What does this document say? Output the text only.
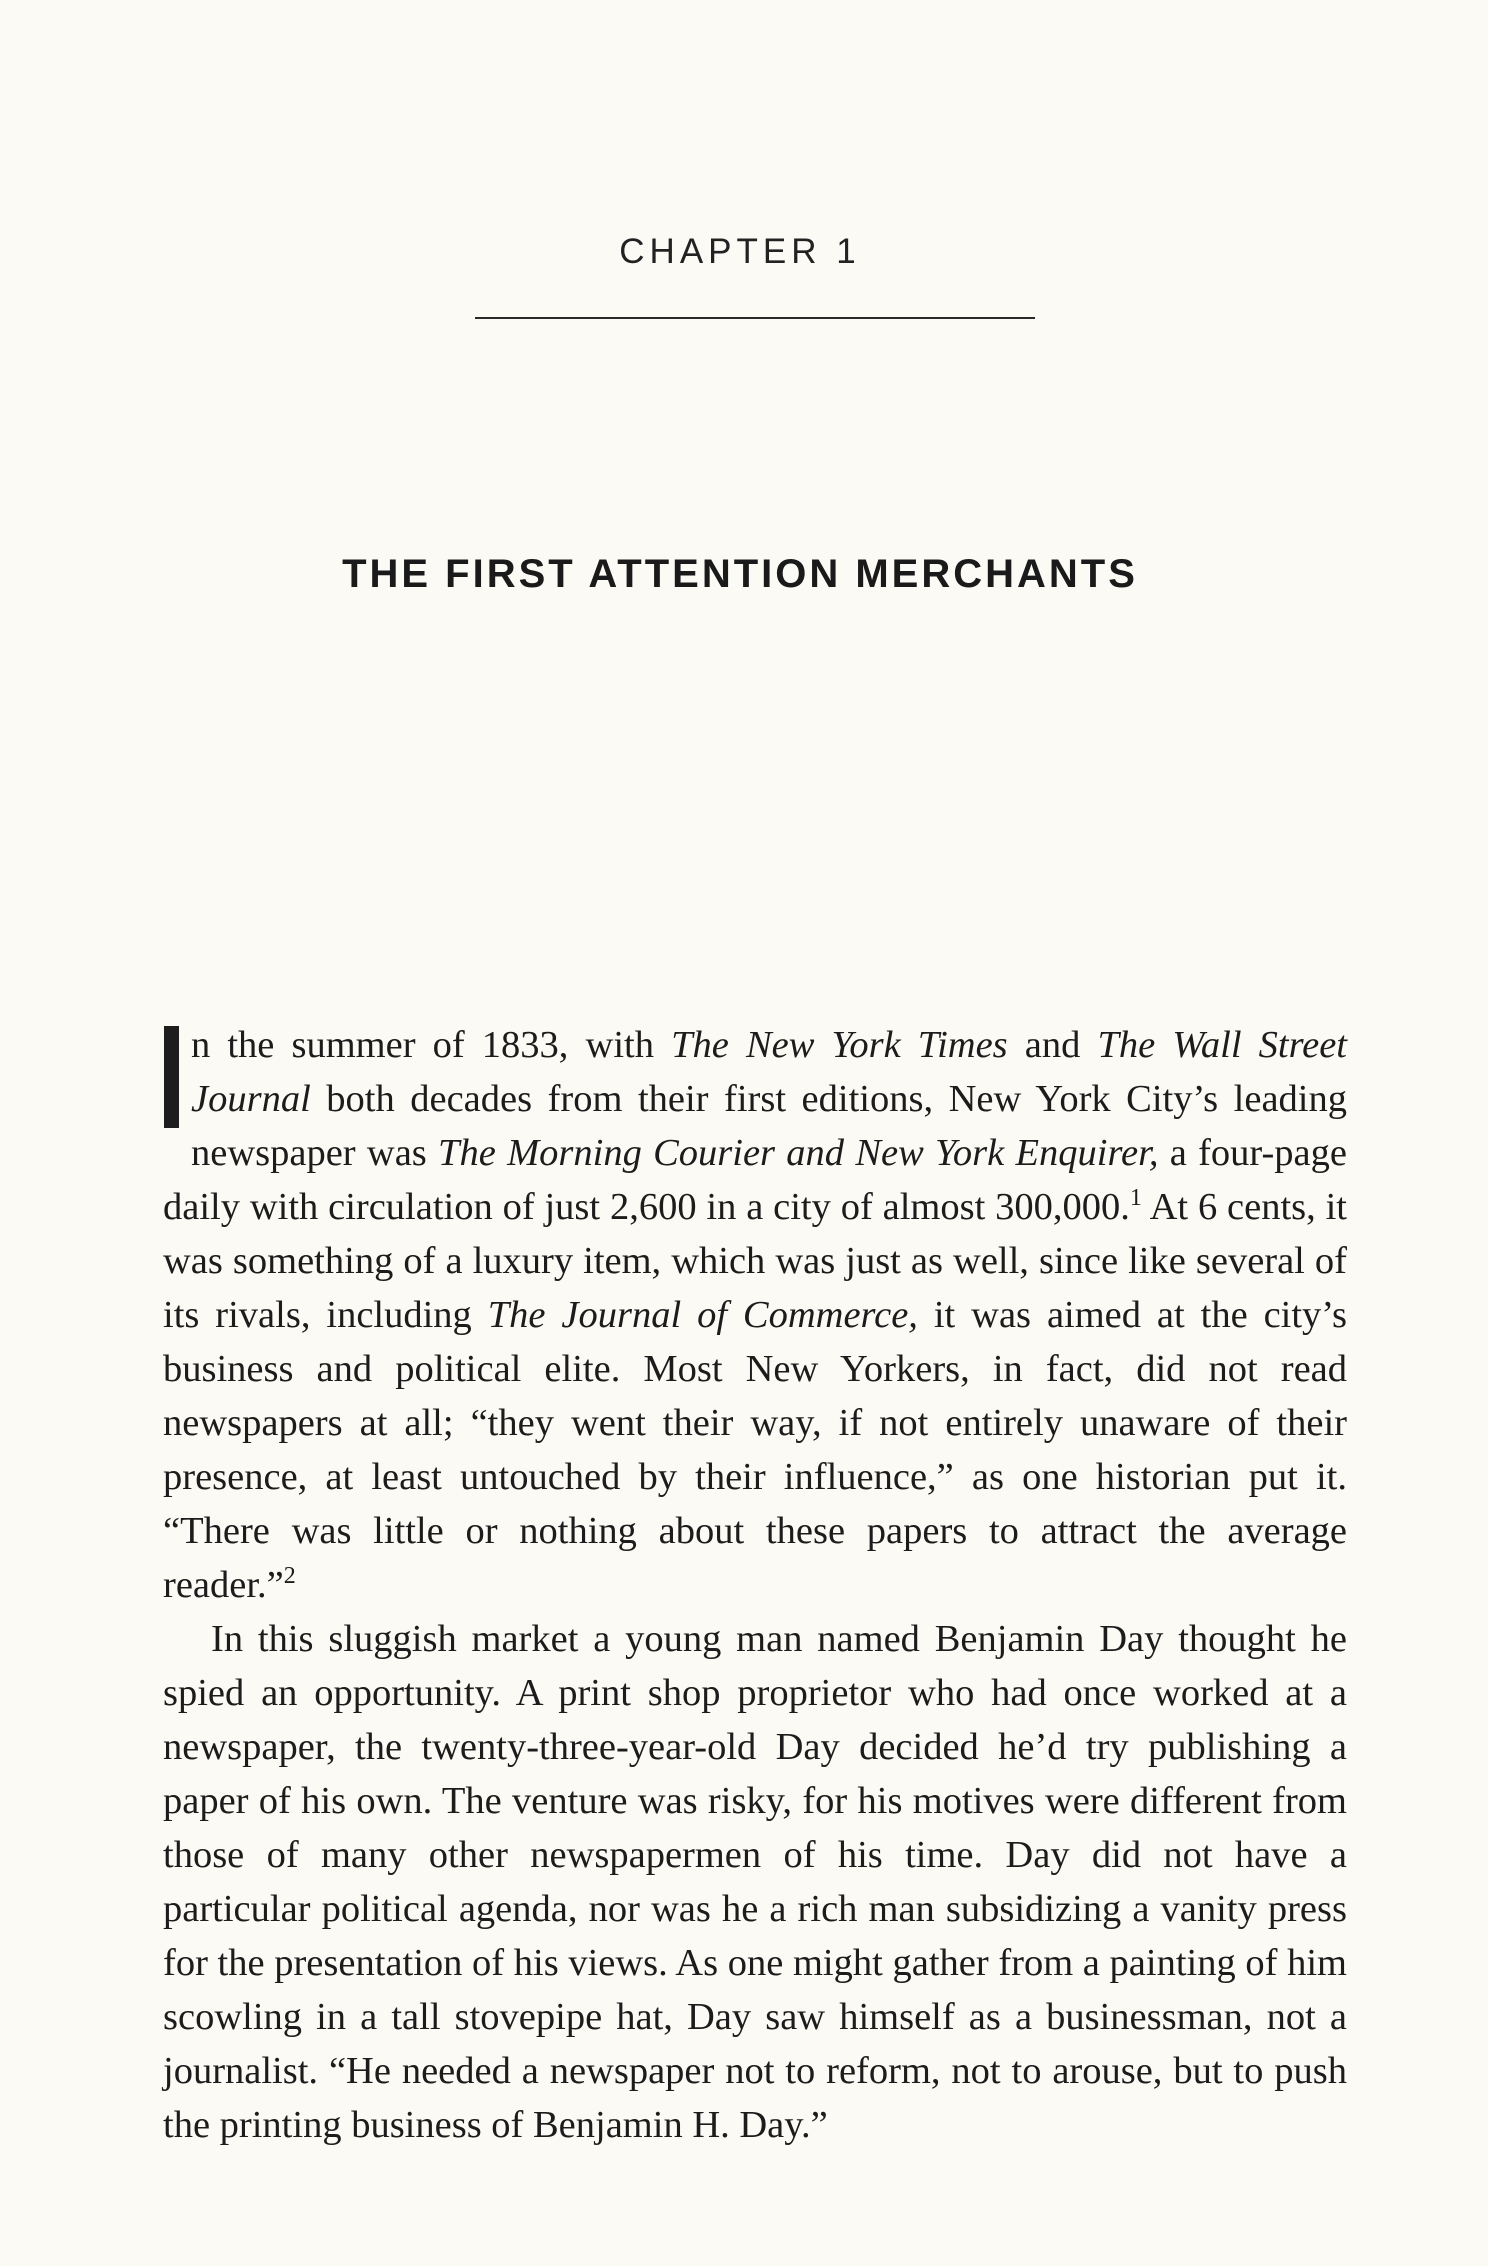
CHAPTER 1
THE FIRST ATTENTION MERCHANTS

n the summer of 1833, with The New York Times and The Wall Street Journal both decades from their first editions, New York City’s leading newspaper was The Morning Courier and New York Enquirer, a four-page daily with circulation of just 2,600 in a city of almost 300,000.$^1$ At 6 cents, it was something of a luxury item, which was just as well, since like several of its rivals, including The Journal of Commerce, it was aimed at the city’s business and political elite. Most New Yorkers, in fact, did not read newspapers at all; “they went their way, if not entirely unaware of their presence, at least untouched by their influence,” as one historian put it. “There was little or nothing about these papers to attract the average reader.”$^2$

In this sluggish market a young man named Benjamin Day thought he spied an opportunity. A print shop proprietor who had once worked at a newspaper, the twenty-three-year-old Day decided he’d try publishing a paper of his own. The venture was risky, for his motives were different from those of many other newspapermen of his time. Day did not have a particular political agenda, nor was he a rich man subsidizing a vanity press for the presentation of his views. As one might gather from a painting of him scowling in a tall stovepipe hat, Day saw himself as a businessman, not a journalist. “He needed a newspaper not to reform, not to arouse, but to push the printing business of Benjamin H. Day.”
